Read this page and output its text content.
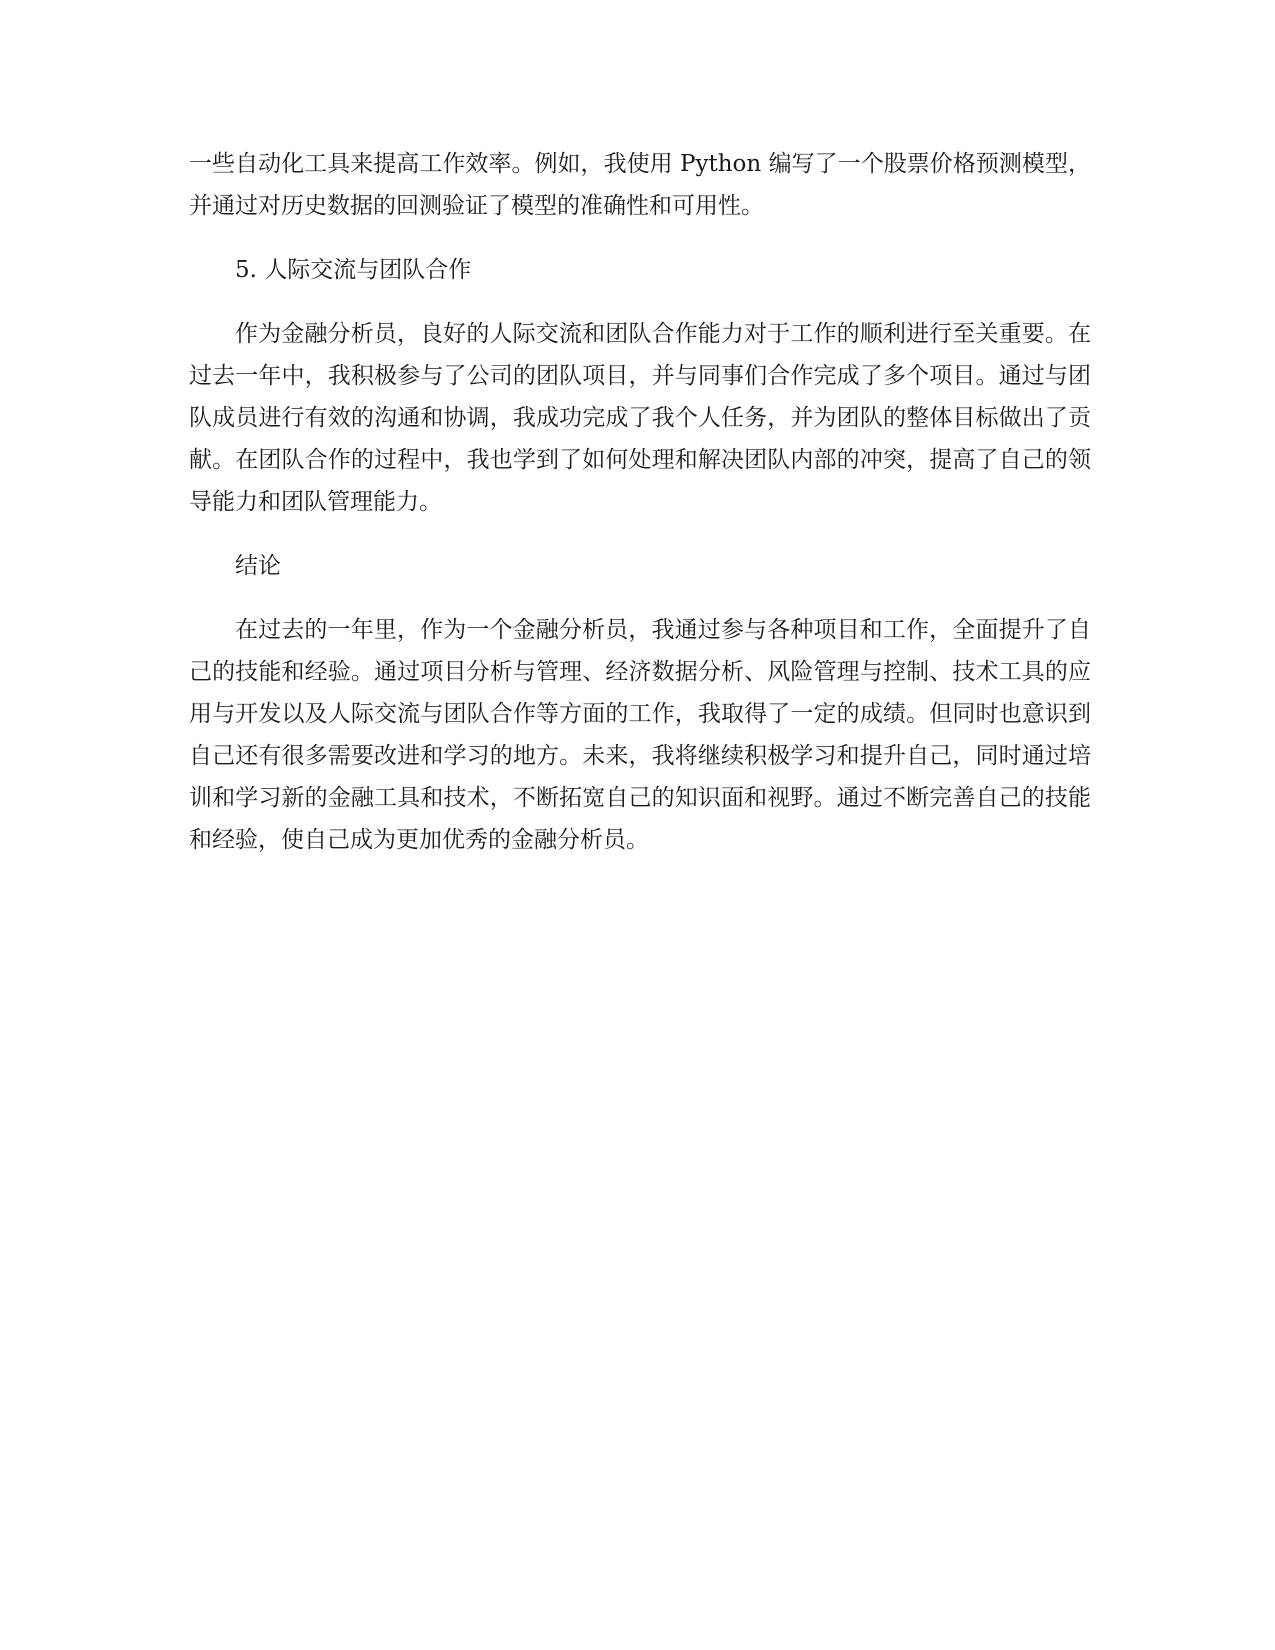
一些自动化工具来提高工作效率。例如，我使用 Python 编写了一个股票价格预测模型，并通过对历史数据的回测验证了模型的准确性和可用性。

5. 人际交流与团队合作

作为金融分析员，良好的人际交流和团队合作能力对于工作的顺利进行至关重要。在过去一年中，我积极参与了公司的团队项目，并与同事们合作完成了多个项目。通过与团队成员进行有效的沟通和协调，我成功完成了我个人任务，并为团队的整体目标做出了贡献。在团队合作的过程中，我也学到了如何处理和解决团队内部的冲突，提高了自己的领导能力和团队管理能力。

结论

在过去的一年里，作为一个金融分析员，我通过参与各种项目和工作，全面提升了自己的技能和经验。通过项目分析与管理、经济数据分析、风险管理与控制、技术工具的应用与开发以及人际交流与团队合作等方面的工作，我取得了一定的成绩。但同时也意识到自己还有很多需要改进和学习的地方。未来，我将继续积极学习和提升自己，同时通过培训和学习新的金融工具和技术，不断拓宽自己的知识面和视野。通过不断完善自己的技能和经验，使自己成为更加优秀的金融分析员。
